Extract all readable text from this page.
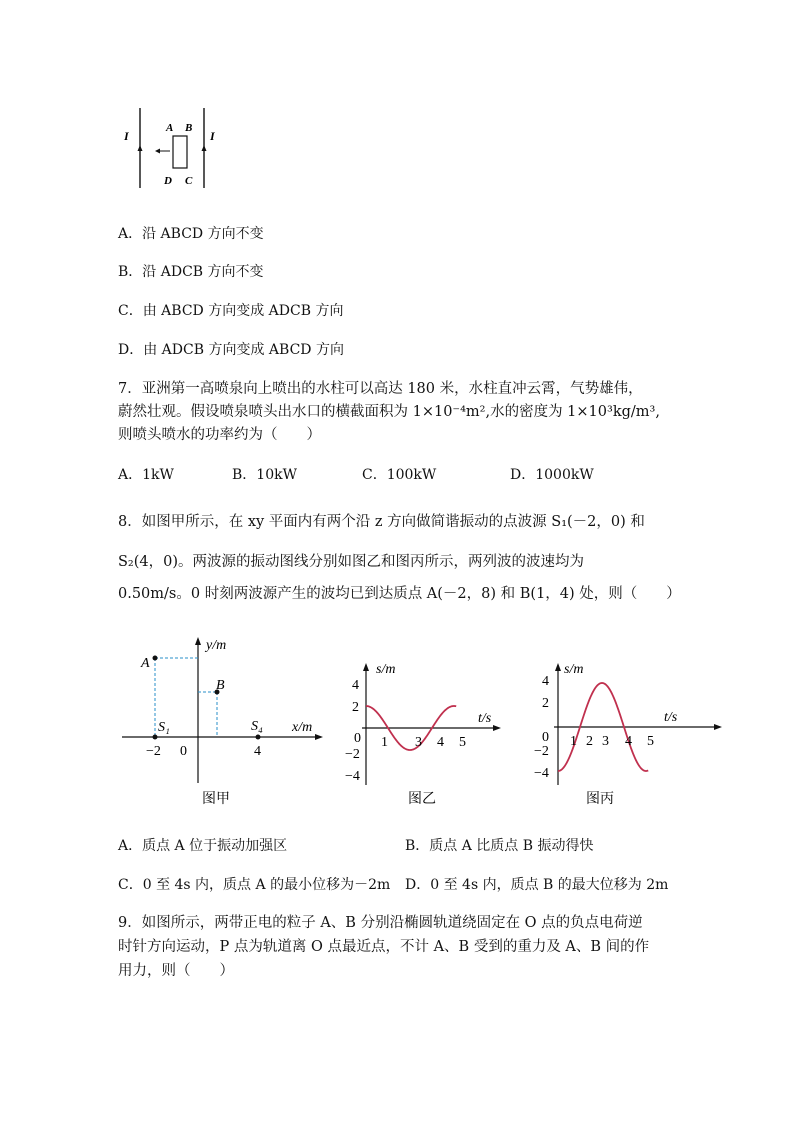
I	I
A B
D C
A．沿 ABCD 方向不变
B．沿 ADCB 方向不变
C．由 ABCD 方向变成 ADCB 方向
D．由 ADCB 方向变成 ABCD 方向
7．亚洲第一高喷泉向上喷出的水柱可以高达 180 米，水柱直冲云霄，气势雄伟，
蔚然壮观。假设喷泉喷头出水口的横截面积为 1×10⁻⁴m²,水的密度为 1×10³kg/m³,
则喷头喷水的功率约为（　　）
A．1kW	B．10kW	C．100kW	D．1000kW
8．如图甲所示，在 xy 平面内有两个沿 z 方向做简谐振动的点波源 S₁(－2，0) 和
S₂(4，0)。两波源的振动图线分别如图乙和图丙所示，两列波的波速均为
0.50m/s。0 时刻两波源产生的波均已到达质点 A(－2，8) 和 B(1，4) 处，则（　　）
y/m
x/m
A
B
S₁	S₄
−2 0	4
图甲
s/m
t/s
4
2
0
−2
−4
1 3 4 5
图乙
s/m
t/s
4
2
0
−2
−4
1 2 3 4 5
图丙
A．质点 A 位于振动加强区	B．质点 A 比质点 B 振动得快
C．0 至 4s 内，质点 A 的最小位移为－2m D．0 至 4s 内，质点 B 的最大位移为 2m
9．如图所示，两带正电的粒子 A、B 分别沿椭圆轨道绕固定在 O 点的负点电荷逆
时针方向运动，P 点为轨道离 O 点最近点，不计 A、B 受到的重力及 A、B 间的作
用力，则（　　）
